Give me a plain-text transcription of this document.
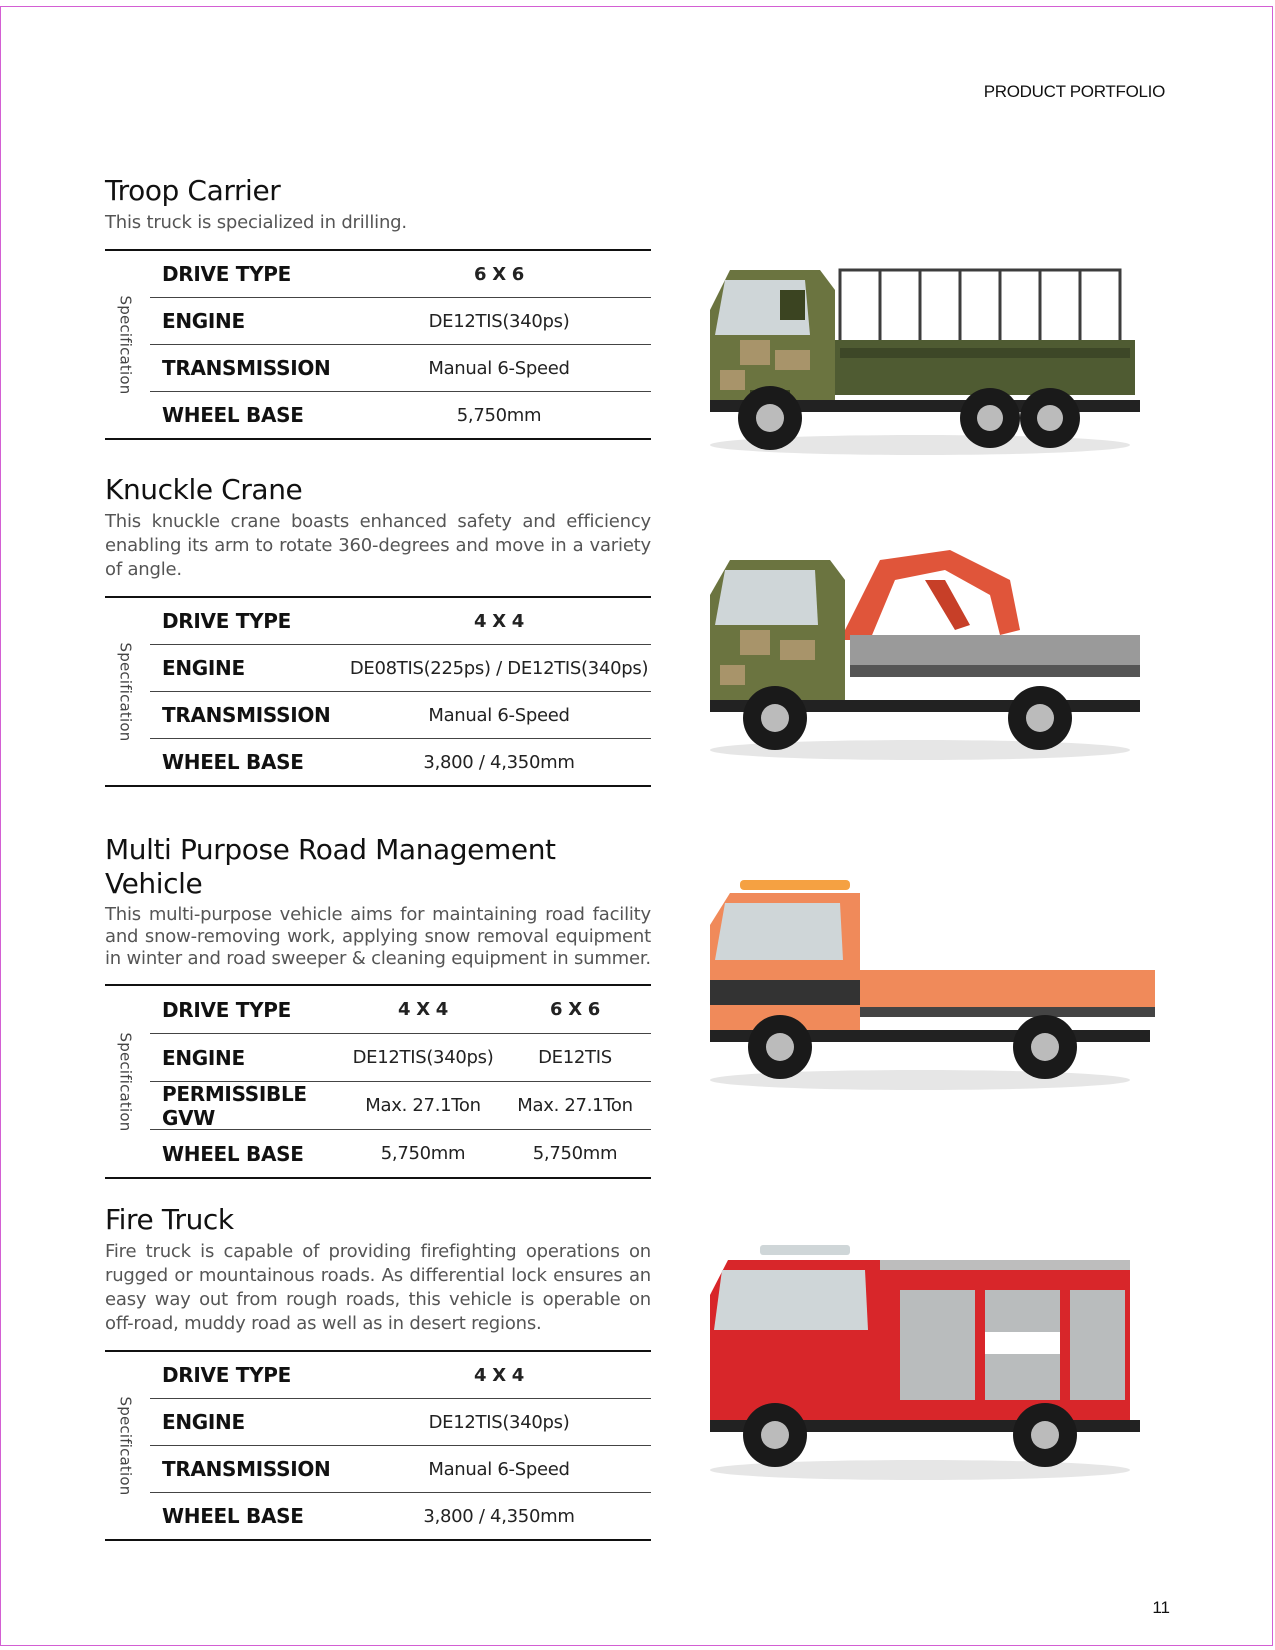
PRODUCT PORTFOLIO
Troop Carrier

This truck is specialized in drilling.

Specification
DRIVE TYPE	6 X 6
ENGINE	DE12TIS(340ps)
TRANSMISSION	Manual 6-Speed
WHEEL BASE	5,750mm
Knuckle Crane

This knuckle crane boasts enhanced safety and efficiency enabling its arm to rotate 360-degrees and move in a variety of angle.

Specification
DRIVE TYPE	4 X 4
ENGINE	DE08TIS(225ps) / DE12TIS(340ps)
TRANSMISSION	Manual 6-Speed
WHEEL BASE	3,800 / 4,350mm
Multi Purpose Road Management Vehicle

This multi-purpose vehicle aims for maintaining road facility and snow-removing work, applying snow removal equipment in winter and road sweeper & cleaning equipment in summer.

Specification
DRIVE TYPE	4 X 4	6 X 6
ENGINE	DE12TIS(340ps)	DE12TIS
PERMISSIBLE GVW	Max. 27.1Ton	Max. 27.1Ton
WHEEL BASE	5,750mm	5,750mm
Fire Truck

Fire truck is capable of providing firefighting operations on rugged or mountainous roads. As differential lock ensures an easy way out from rough roads, this vehicle is operable on off-road, muddy road as well as in desert regions.

Specification
DRIVE TYPE	4 X 4
ENGINE	DE12TIS(340ps)
TRANSMISSION	Manual 6-Speed
WHEEL BASE	3,800 / 4,350mm
11
